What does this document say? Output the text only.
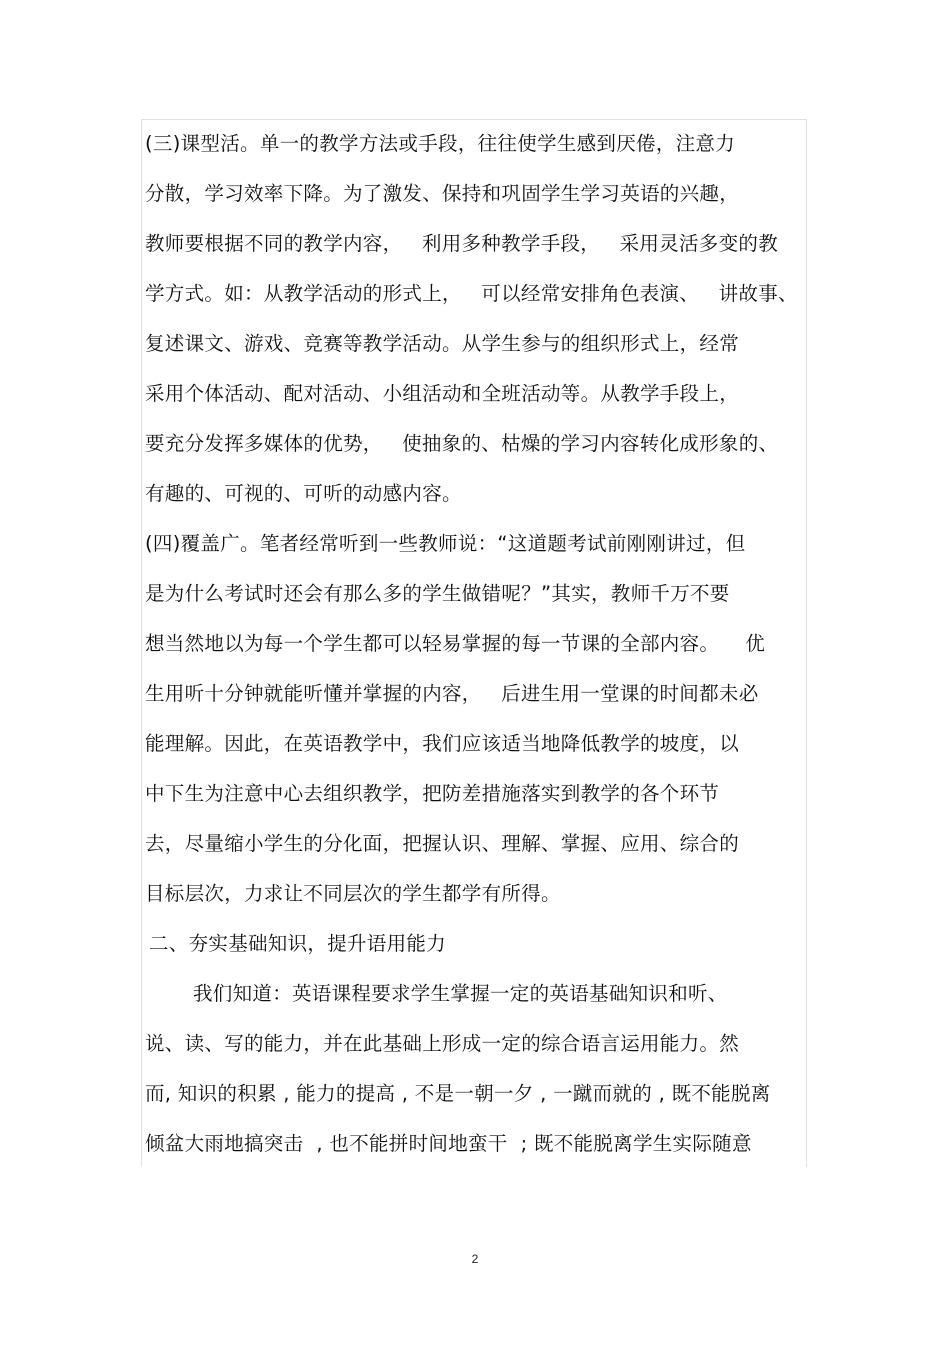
(三)课型活。单一的教学方法或手段，往往使学生感到厌倦，注意力
分散，学习效率下降。为了激发、保持和巩固学生学习英语的兴趣，
教师要根据不同的教学内容，   利用多种教学手段，   采用灵活多变的教
学方式。如：从教学活动的形式上，   可以经常安排角色表演、   讲故事、
复述课文、游戏、竞赛等教学活动。从学生参与的组织形式上，经常
采用个体活动、配对活动、小组活动和全班活动等。从教学手段上，
要充分发挥多媒体的优势，   使抽象的、枯燥的学习内容转化成形象的、
有趣的、可视的、可听的动感内容。
(四)覆盖广。笔者经常听到一些教师说：“这道题考试前刚刚讲过，但
是为什么考试时还会有那么多的学生做错呢？”其实，教师千万不要
想当然地以为每一个学生都可以轻易掌握的每一节课的全部内容。    优
生用听十分钟就能听懂并掌握的内容，   后进生用一堂课的时间都未必
能理解。因此，在英语教学中，我们应该适当地降低教学的坡度，以
中下生为注意中心去组织教学，把防差措施落实到教学的各个环节
去，尽量缩小学生的分化面，把握认识、理解、掌握、应用、综合的
目标层次，力求让不同层次的学生都学有所得。
二、夯实基础知识，提升语用能力
我们知道：英语课程要求学生掌握一定的英语基础知识和听、
说、读、写的能力，并在此基础上形成一定的综合语言运用能力。然
而, 知识的积累 , 能力的提高 , 不是一朝一夕 , 一蹴而就的 , 既不能脱离
倾盆大雨地搞突击  , 也不能拼时间地蛮干  ; 既不能脱离学生实际随意
2
